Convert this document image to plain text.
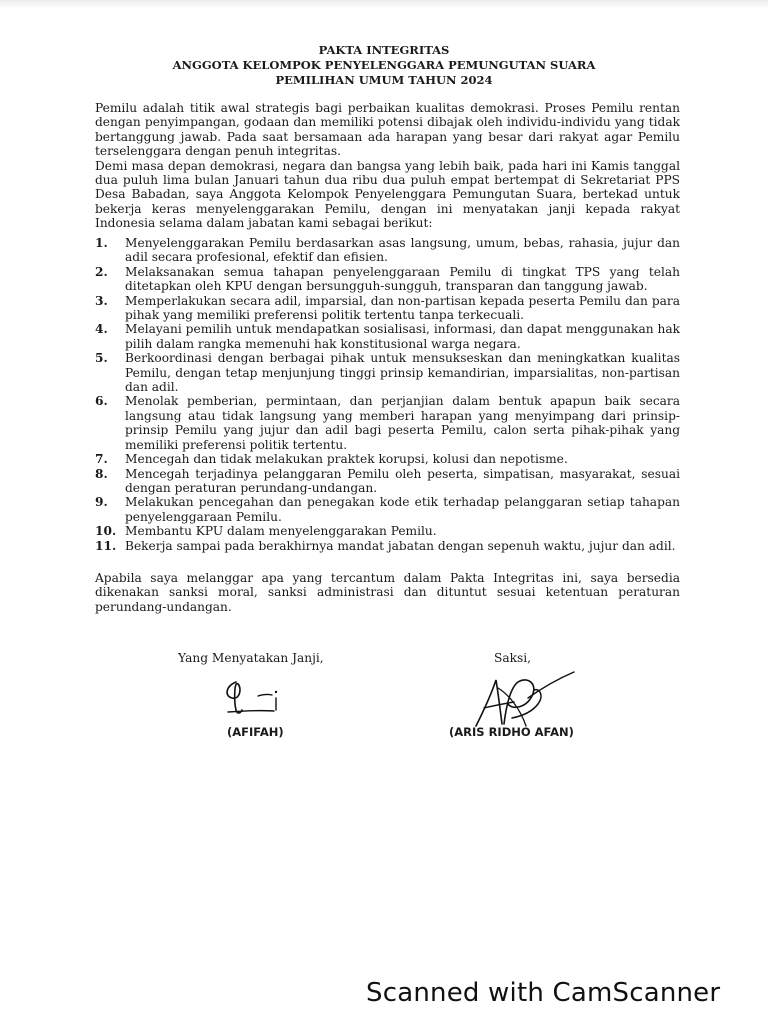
PAKTA INTEGRITAS
ANGGOTA KELOMPOK PENYELENGGARA PEMUNGUTAN SUARA
PEMILIHAN UMUM TAHUN 2024

Pemilu adalah titik awal strategis bagi perbaikan kualitas demokrasi. Proses Pemilu rentan dengan penyimpangan, godaan dan memiliki potensi dibajak oleh individu-individu yang tidak bertanggung jawab. Pada saat bersamaan ada harapan yang besar dari rakyat agar Pemilu terselenggara dengan penuh integritas.

Demi masa depan demokrasi, negara dan bangsa yang lebih baik, pada hari ini Kamis tanggal dua puluh lima bulan Januari tahun dua ribu dua puluh empat bertempat di Sekretariat PPS Desa Babadan, saya Anggota Kelompok Penyelenggara Pemungutan Suara, bertekad untuk bekerja keras menyelenggarakan Pemilu, dengan ini menyatakan janji kepada rakyat Indonesia selama dalam jabatan kami sebagai berikut:

1.	Menyelenggarakan Pemilu berdasarkan asas langsung, umum, bebas, rahasia, jujur dan adil secara profesional, efektif dan efisien.
2.	Melaksanakan semua tahapan penyelenggaraan Pemilu di tingkat TPS yang telah ditetapkan oleh KPU dengan bersungguh-sungguh, transparan dan tanggung jawab.
3.	Memperlakukan secara adil, imparsial, dan non-partisan kepada peserta Pemilu dan para pihak yang memiliki preferensi politik tertentu tanpa terkecuali.
4.	Melayani pemilih untuk mendapatkan sosialisasi, informasi, dan dapat menggunakan hak pilih dalam rangka memenuhi hak konstitusional warga negara.
5.	Berkoordinasi dengan berbagai pihak untuk mensukseskan dan meningkatkan kualitas Pemilu, dengan tetap menjunjung tinggi prinsip kemandirian, imparsialitas, non-partisan dan adil.
6.	Menolak pemberian, permintaan, dan perjanjian dalam bentuk apapun baik secara langsung atau tidak langsung yang memberi harapan yang menyimpang dari prinsip-prinsip Pemilu yang jujur dan adil bagi peserta Pemilu, calon serta pihak-pihak yang memiliki preferensi politik tertentu.
7.	Mencegah dan tidak melakukan praktek korupsi, kolusi dan nepotisme.
8.	Mencegah terjadinya pelanggaran Pemilu oleh peserta, simpatisan, masyarakat, sesuai dengan peraturan perundang-undangan.
9.	Melakukan pencegahan dan penegakan kode etik terhadap pelanggaran setiap tahapan penyelenggaraan Pemilu.
10. Membantu KPU dalam menyelenggarakan Pemilu.
11. Bekerja sampai pada berakhirnya mandat jabatan dengan sepenuh waktu, jujur dan adil.

Apabila saya melanggar apa yang tercantum dalam Pakta Integritas ini, saya bersedia dikenakan sanksi moral, sanksi administrasi dan dituntut sesuai ketentuan peraturan perundang-undangan.

Yang Menyatakan Janji,	Saksi,
(AFIFAH)	(ARIS RIDHO AFAN)
Scanned with CamScanner
